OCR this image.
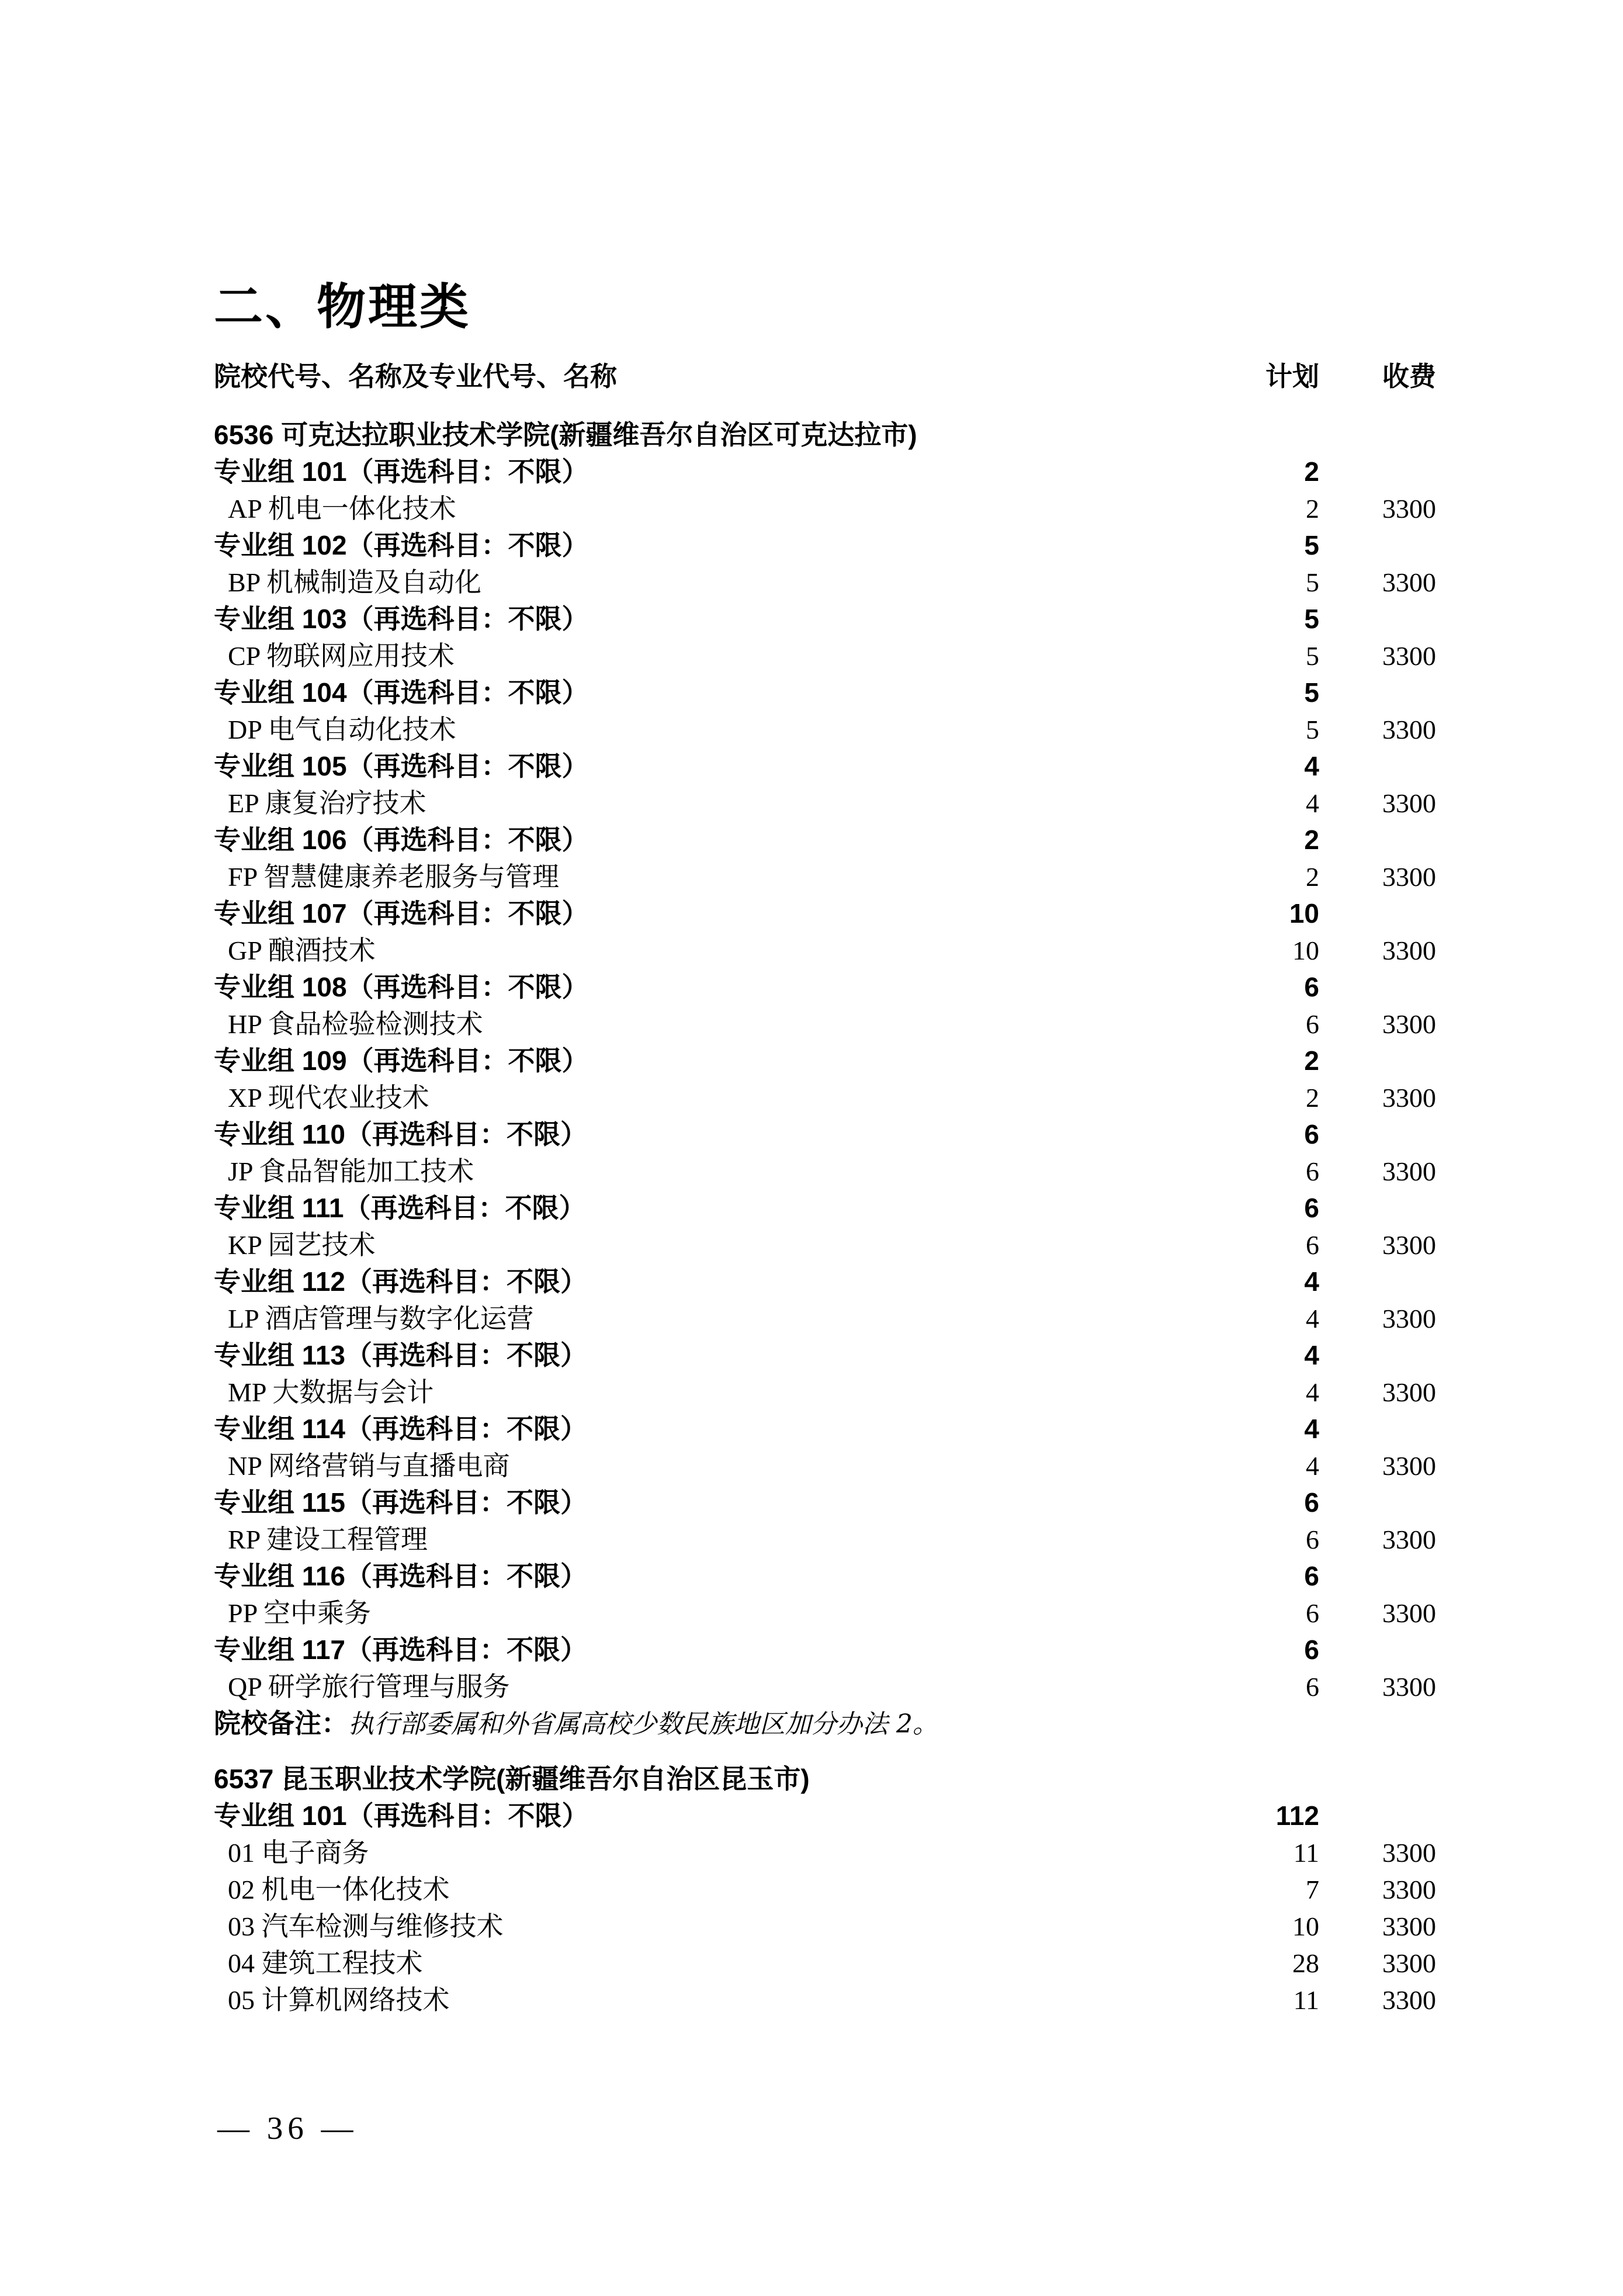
二、物理类
院校代号、名称及专业代号、名称	计划	收费
6536 可克达拉职业技术学院(新疆维吾尔自治区可克达拉市)
专业组 101（再选科目：不限）	2
AP 机电一体化技术	2	3300
专业组 102（再选科目：不限）	5
BP 机械制造及自动化	5	3300
专业组 103（再选科目：不限）	5
CP 物联网应用技术	5	3300
专业组 104（再选科目：不限）	5
DP 电气自动化技术	5	3300
专业组 105（再选科目：不限）	4
EP 康复治疗技术	4	3300
专业组 106（再选科目：不限）	2
FP 智慧健康养老服务与管理	2	3300
专业组 107（再选科目：不限）	10
GP 酿酒技术	10	3300
专业组 108（再选科目：不限）	6
HP 食品检验检测技术	6	3300
专业组 109（再选科目：不限）	2
XP 现代农业技术	2	3300
专业组 110（再选科目：不限）	6
JP 食品智能加工技术	6	3300
专业组 111（再选科目：不限）	6
KP 园艺技术	6	3300
专业组 112（再选科目：不限）	4
LP 酒店管理与数字化运营	4	3300
专业组 113（再选科目：不限）	4
MP 大数据与会计	4	3300
专业组 114（再选科目：不限）	4
NP 网络营销与直播电商	4	3300
专业组 115（再选科目：不限）	6
RP 建设工程管理	6	3300
专业组 116（再选科目：不限）	6
PP 空中乘务	6	3300
专业组 117（再选科目：不限）	6
QP 研学旅行管理与服务	6	3300
院校备注：执行部委属和外省属高校少数民族地区加分办法 2。
6537 昆玉职业技术学院(新疆维吾尔自治区昆玉市)
专业组 101（再选科目：不限）	112
01 电子商务	11	3300
02 机电一体化技术	7	3300
03 汽车检测与维修技术	10	3300
04 建筑工程技术	28	3300
05 计算机网络技术	11	3300
— 36 —
